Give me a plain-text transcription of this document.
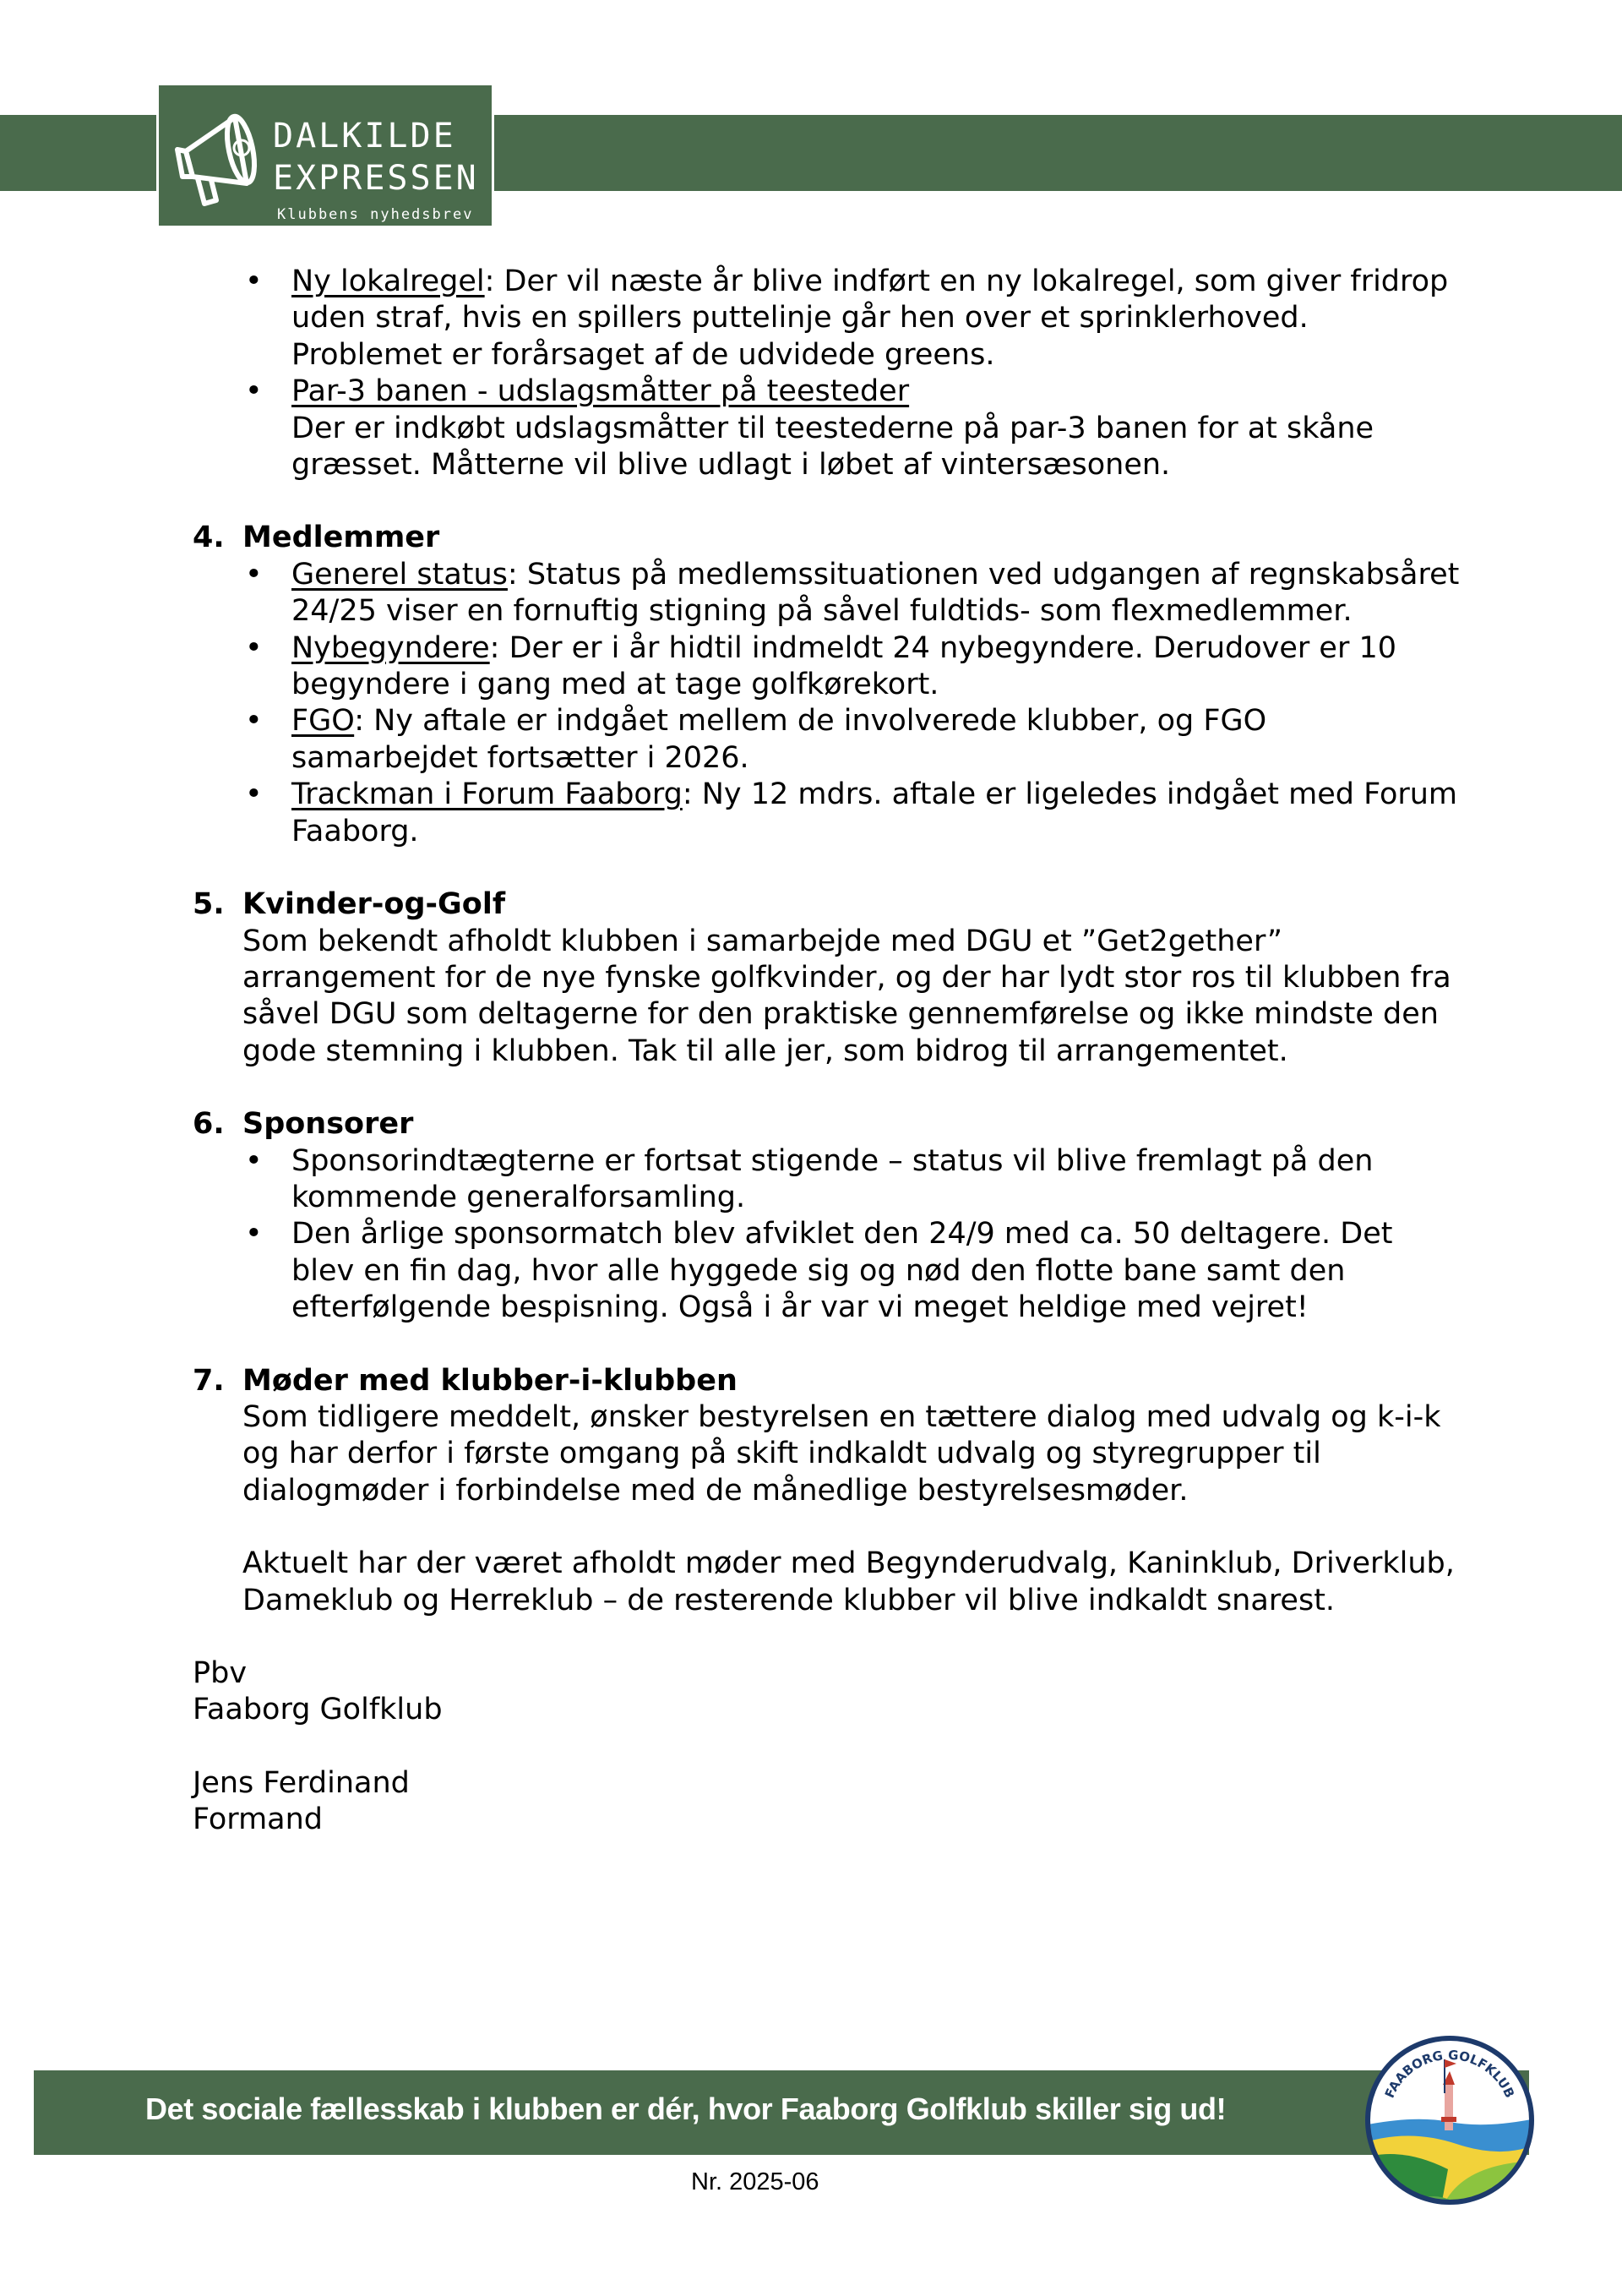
DALKILDE
EXPRESSEN
Klubbens nyhedsbrev
• Ny lokalregel: Der vil næste år blive indført en ny lokalregel, som giver fridrop uden straf, hvis en spillers puttelinje går hen over et sprinklerhoved. Problemet er forårsaget af de udvidede greens.
• Par-3 banen - udslagsmåtter på teesteder
Der er indkøbt udslagsmåtter til teestederne på par-3 banen for at skåne græsset. Måtterne vil blive udlagt i løbet af vintersæsonen.
4. Medlemmer
• Generel status: Status på medlemssituationen ved udgangen af regnskabsåret 24/25 viser en fornuftig stigning på såvel fuldtids- som flexmedlemmer.
• Nybegyndere: Der er i år hidtil indmeldt 24 nybegyndere. Derudover er 10 begyndere i gang med at tage golfkørekort.
• FGO: Ny aftale er indgået mellem de involverede klubber, og FGO samarbejdet fortsætter i 2026.
• Trackman i Forum Faaborg: Ny 12 mdrs. aftale er ligeledes indgået med Forum Faaborg.
5. Kvinder-og-Golf
Som bekendt afholdt klubben i samarbejde med DGU et ”Get2gether” arrangement for de nye fynske golfkvinder, og der har lydt stor ros til klubben fra såvel DGU som deltagerne for den praktiske gennemførelse og ikke mindste den gode stemning i klubben. Tak til alle jer, som bidrog til arrangementet.
6. Sponsorer
• Sponsorindtægterne er fortsat stigende – status vil blive fremlagt på den kommende generalforsamling.
• Den årlige sponsormatch blev afviklet den 24/9 med ca. 50 deltagere. Det blev en fin dag, hvor alle hyggede sig og nød den flotte bane samt den efterfølgende bespisning. Også i år var vi meget heldige med vejret!
7. Møder med klubber-i-klubben
Som tidligere meddelt, ønsker bestyrelsen en tættere dialog med udvalg og k-i-k og har derfor i første omgang på skift indkaldt udvalg og styregrupper til dialogmøder i forbindelse med de månedlige bestyrelsesmøder.
Aktuelt har der været afholdt møder med Begynderudvalg, Kaninklub, Driverklub, Dameklub og Herreklub – de resterende klubber vil blive indkaldt snarest.
Pbv
Faaborg Golfklub
Jens Ferdinand
Formand
Det sociale fællesskab i klubben er dér, hvor Faaborg Golfklub skiller sig ud!
Nr. 2025-06
FAABORG GOLFKLUB
